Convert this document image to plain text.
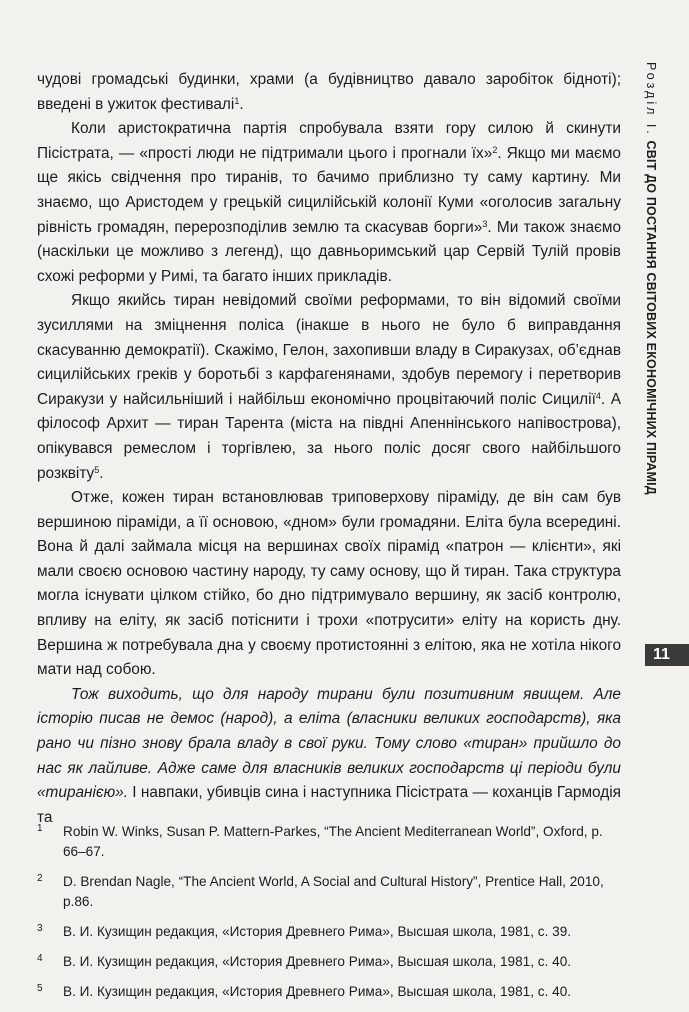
чудові громадські будинки, храми (а будівництво давало заробіток бідноті); введені в ужиток фестивалі$^1$.

Коли аристократична партія спробувала взяти гору силою й скинути Пісістрата, — «прості люди не підтримали цього і прогнали їх»$^2$. Якщо ми маємо ще якісь свідчення про тиранів, то бачимо приблизно ту саму картину. Ми знаємо, що Аристодем у грецькій сицилійській колонії Куми «оголосив загальну рівність громадян, перерозподілив землю та скасував борги»$^3$. Ми також знаємо (наскільки це можливо з легенд), що давньоримський цар Сервій Тулій провів схожі реформи у Римі, та багато інших прикладів.

Якщо якийсь тиран невідомий своїми реформами, то він відомий своїми зусиллями на зміцнення поліса (інакше в нього не було б виправдання скасуванню демократії). Скажімо, Гелон, захопивши владу в Сиракузах, об’єднав сицилійських греків у боротьбі з карфагенянами, здобув перемогу і перетворив Сиракузи у найсильніший і найбільш економічно процвітаючий поліс Сицилії$^4$. А філософ Архит — тиран Тарента (міста на півдні Апеннінського напівострова), опікувався ремеслом і торгівлею, за нього поліс досяг свого найбільшого розквіту$^5$.

Отже, кожен тиран встановлював триповерхову піраміду, де він сам був вершиною піраміди, а її основою, «дном» були громадяни. Еліта була всередині. Вона й далі займала місця на вершинах своїх пірамід «патрон — клієнти», які мали своєю основою частину народу, ту саму основу, що й тиран. Така структура могла існувати цілком стійко, бо дно підтримувало вершину, як засіб контролю, впливу на еліту, як засіб потіснити і трохи «потрусити» еліту на користь дну. Вершина ж потребувала дна у своєму протистоянні з елітою, яка не хотіла нікого мати над собою.

Тож виходить, що для народу тирани були позитивним явищем. Але історію писав не демос (народ), а еліта (власники великих господарств), яка рано чи пізно знову брала владу в свої руки. Тому слово «тиран» прийшло до нас як лайливе. Адже саме для власників великих господарств ці періоди були «тиранією». І навпаки, убивців сина і наступника Пісістрата — коханців Гармодія та

1 Robin W. Winks, Susan P. Mattern-Parkes, “The Ancient Mediterranean World”, Oxford, p. 66–67.
2 D. Brendan Nagle, “The Ancient World, A Social and Cultural History”, Prentice Hall, 2010, p.86.
3 В. И. Кузищин редакция, «История Древнего Рима», Высшая школа, 1981, с. 39.
4 В. И. Кузищин редакция, «История Древнего Рима», Высшая школа, 1981, с. 40.
5 В. И. Кузищин редакция, «История Древнего Рима», Высшая школа, 1981, с. 40.
Розділ І. СВІТ ДО ПОСТАННЯ СВІТОВИХ ЕКОНОМІЧНИХ ПІРАМІД
11
